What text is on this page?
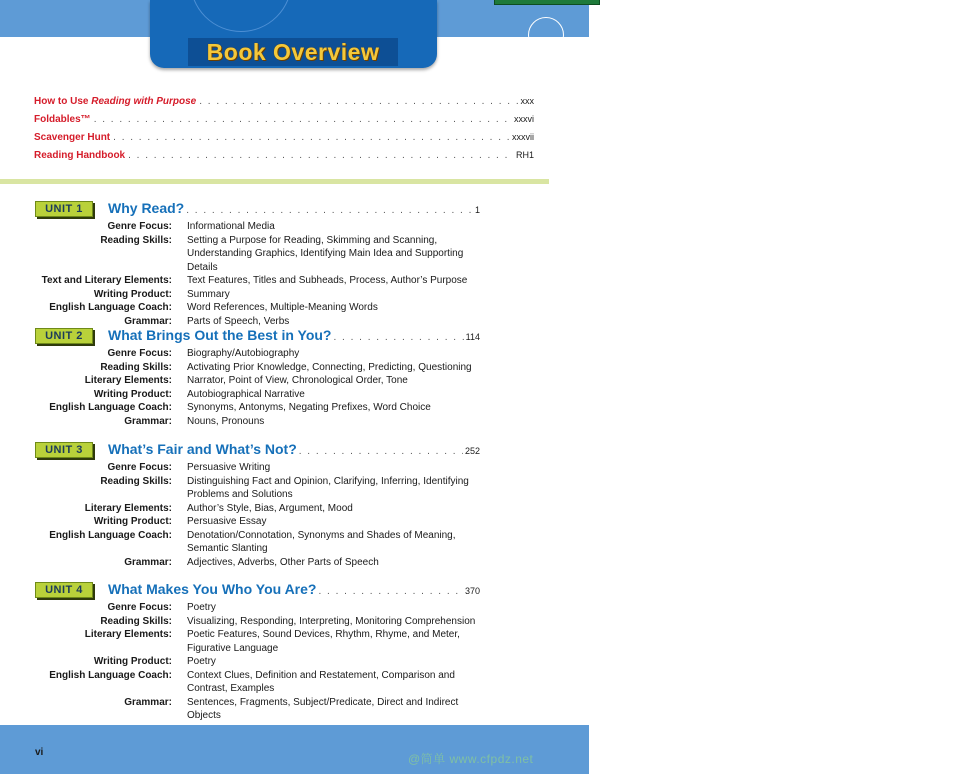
Book Overview
How to Use Reading with Purpose . . .	xxx
Foldables™ . . .	xxxvi
Scavenger Hunt . . .	xxxvii
Reading Handbook . . .	RH1
UNIT 1	Why Read? . . .	1
Genre Focus: Informational Media
Reading Skills: Setting a Purpose for Reading, Skimming and Scanning, Understanding Graphics, Identifying Main Idea and Supporting Details
Text and Literary Elements: Text Features, Titles and Subheads, Process, Author’s Purpose
Writing Product: Summary
English Language Coach: Word References, Multiple-Meaning Words
Grammar: Parts of Speech, Verbs
UNIT 2	What Brings Out the Best in You? . . .	114
Genre Focus: Biography/Autobiography
Reading Skills: Activating Prior Knowledge, Connecting, Predicting, Questioning
Literary Elements: Narrator, Point of View, Chronological Order, Tone
Writing Product: Autobiographical Narrative
English Language Coach: Synonyms, Antonyms, Negating Prefixes, Word Choice
Grammar: Nouns, Pronouns
UNIT 3	What’s Fair and What’s Not? . . .	252
Genre Focus: Persuasive Writing
Reading Skills: Distinguishing Fact and Opinion, Clarifying, Inferring, Identifying Problems and Solutions
Literary Elements: Author’s Style, Bias, Argument, Mood
Writing Product: Persuasive Essay
English Language Coach: Denotation/Connotation, Synonyms and Shades of Meaning, Semantic Slanting
Grammar: Adjectives, Adverbs, Other Parts of Speech
UNIT 4	What Makes You Who You Are? . . .	370
Genre Focus: Poetry
Reading Skills: Visualizing, Responding, Interpreting, Monitoring Comprehension
Literary Elements: Poetic Features, Sound Devices, Rhythm, Rhyme, and Meter, Figurative Language
Writing Product: Poetry
English Language Coach: Context Clues, Definition and Restatement, Comparison and Contrast, Examples
Grammar: Sentences, Fragments, Subject/Predicate, Direct and Indirect Objects
vi	@简单 www.cfpdz.net
